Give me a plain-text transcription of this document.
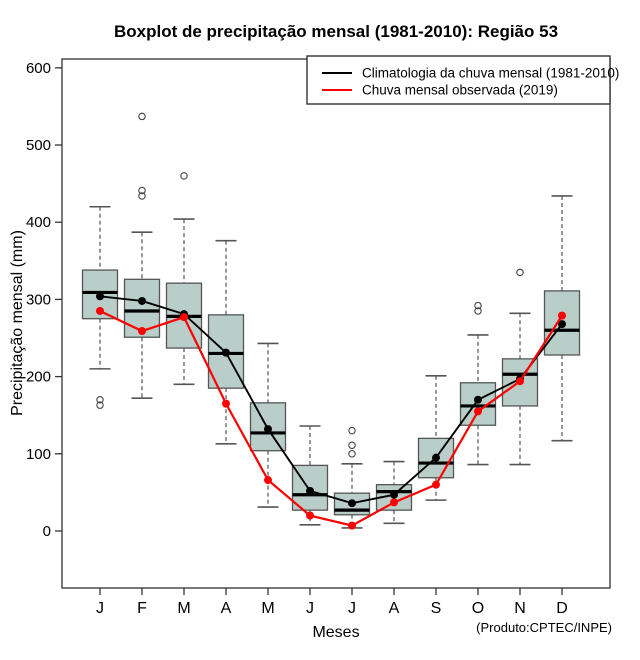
0
100
200
300
400
500
600
J F M A M J J A S O N D
Climatologia da chuva mensal (1981-2010)
Chuva mensal observada (2019)
Boxplot de precipitação mensal (1981-2010): Região 53
Precipitação mensal (mm)
Meses	(Produto:CPTEC/INPE)
